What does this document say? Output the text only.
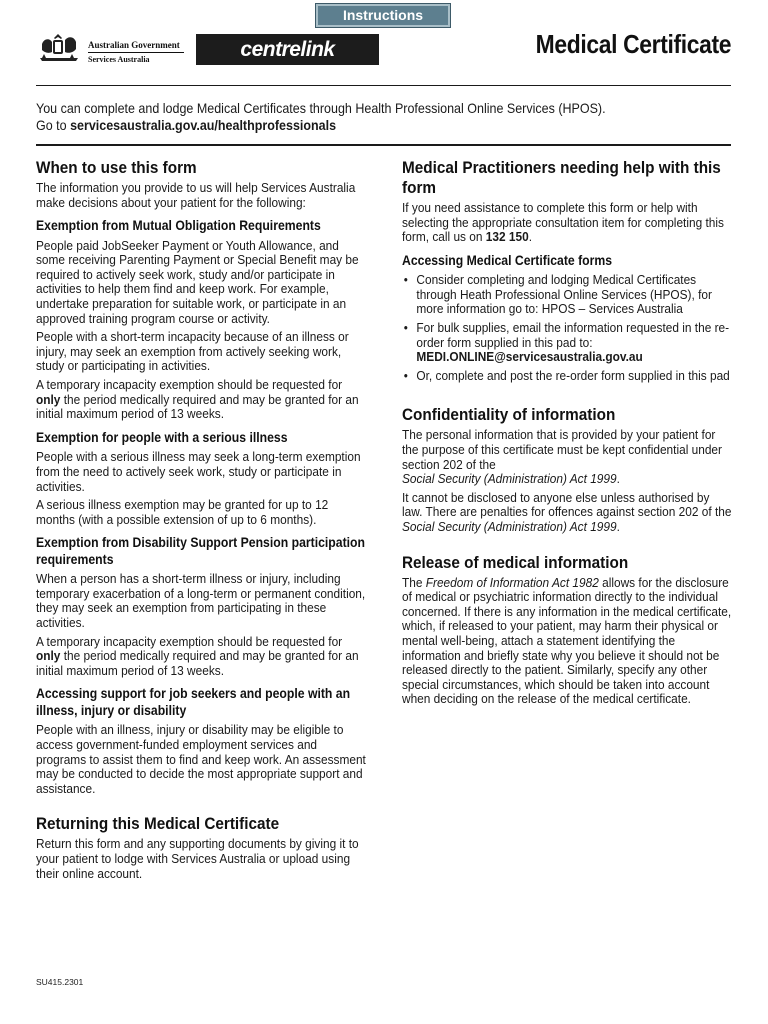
Instructions
Australian Government
Services Australia	centrelink	Medical Certificate
You can complete and lodge Medical Certificates through Health Professional Online Services (HPOS).
Go to servicesaustralia.gov.au/healthprofessionals
When to use this form

The information you provide to us will help Services Australia make decisions about your patient for the following:

Exemption from Mutual Obligation Requirements

People paid JobSeeker Payment or Youth Allowance, and some receiving Parenting Payment or Special Benefit may be required to actively seek work, study and/or participate in activities to help them find and keep work. For example, undertake preparation for suitable work, or participate in an approved training program course or activity.

People with a short-term incapacity because of an illness or injury, may seek an exemption from actively seeking work, study or participating in activities.

A temporary incapacity exemption should be requested for only the period medically required and may be granted for an initial maximum period of 13 weeks.

Exemption for people with a serious illness

People with a serious illness may seek a long-term exemption from the need to actively seek work, study or participate in activities.

A serious illness exemption may be granted for up to 12 months (with a possible extension of up to 6 months).

Exemption from Disability Support Pension participation requirements

When a person has a short-term illness or injury, including temporary exacerbation of a long-term or permanent condition, they may seek an exemption from participating in these activities.

A temporary incapacity exemption should be requested for only the period medically required and may be granted for an initial maximum period of 13 weeks.

Accessing support for job seekers and people with an illness, injury or disability

People with an illness, injury or disability may be eligible to access government-funded employment services and programs to assist them to find and keep work. An assessment may be conducted to decide the most appropriate support and assistance.

Returning this Medical Certificate

Return this form and any supporting documents by giving it to your patient to lodge with Services Australia or upload using their online account.

Medical Practitioners needing help with this form

If you need assistance to complete this form or help with selecting the appropriate consultation item for completing this form, call us on 132 150.

Accessing Medical Certificate forms
• Consider completing and lodging Medical Certificates through Heath Professional Online Services (HPOS), for more information go to: HPOS – Services Australia
• For bulk supplies, email the information requested in the re-order form supplied in this pad to:
MEDI.ONLINE@servicesaustralia.gov.au
• Or, complete and post the re-order form supplied in this pad
Confidentiality of information

The personal information that is provided by your patient for the purpose of this certificate must be kept confidential under section 202 of the
Social Security (Administration) Act 1999.

It cannot be disclosed to anyone else unless authorised by law. There are penalties for offences against section 202 of the Social Security (Administration) Act 1999.

Release of medical information

The Freedom of Information Act 1982 allows for the disclosure of medical or psychiatric information directly to the individual concerned. If there is any information in the medical certificate, which, if released to your patient, may harm their physical or mental well-being, attach a statement identifying the information and briefly state why you believe it should not be released directly to the patient. Similarly, specify any other special circumstances, which should be taken into account when deciding on the release of the medical certificate.

SU415.2301
